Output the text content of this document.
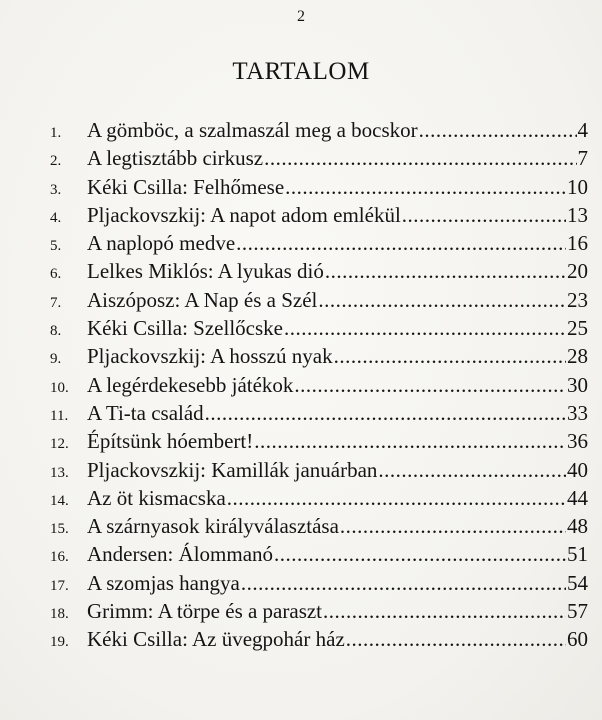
2
TARTALOM
1.	A gömböc, a szalmaszál meg a bocskor .....	4
2.	A legtisztább cirkusz .....	7
3.	Kéki Csilla: Felhőmese .....	10
4.	Pljackovszkij: A napot adom emlékül .....	13
5.	A naplopó medve .....	16
6.	Lelkes Miklós: A lyukas dió .....	20
7.	Aiszóposz: A Nap és a Szél .....	23
8.	Kéki Csilla: Szellőcske .....	25
9.	Pljackovszkij: A hosszú nyak .....	28
10. A legérdekesebb játékok .....	30
11. A Ti-ta család .....	33
12. Építsünk hóembert! .....	36
13. Pljackovszkij: Kamillák januárban .....	40
14. Az öt kismacska .....	44
15. A szárnyasok királyválasztása .....	48
16. Andersen: Álommanó .....	51
17. A szomjas hangya .....	54
18. Grimm: A törpe és a paraszt .....	57
19. Kéki Csilla: Az üvegpohár ház .....	60
